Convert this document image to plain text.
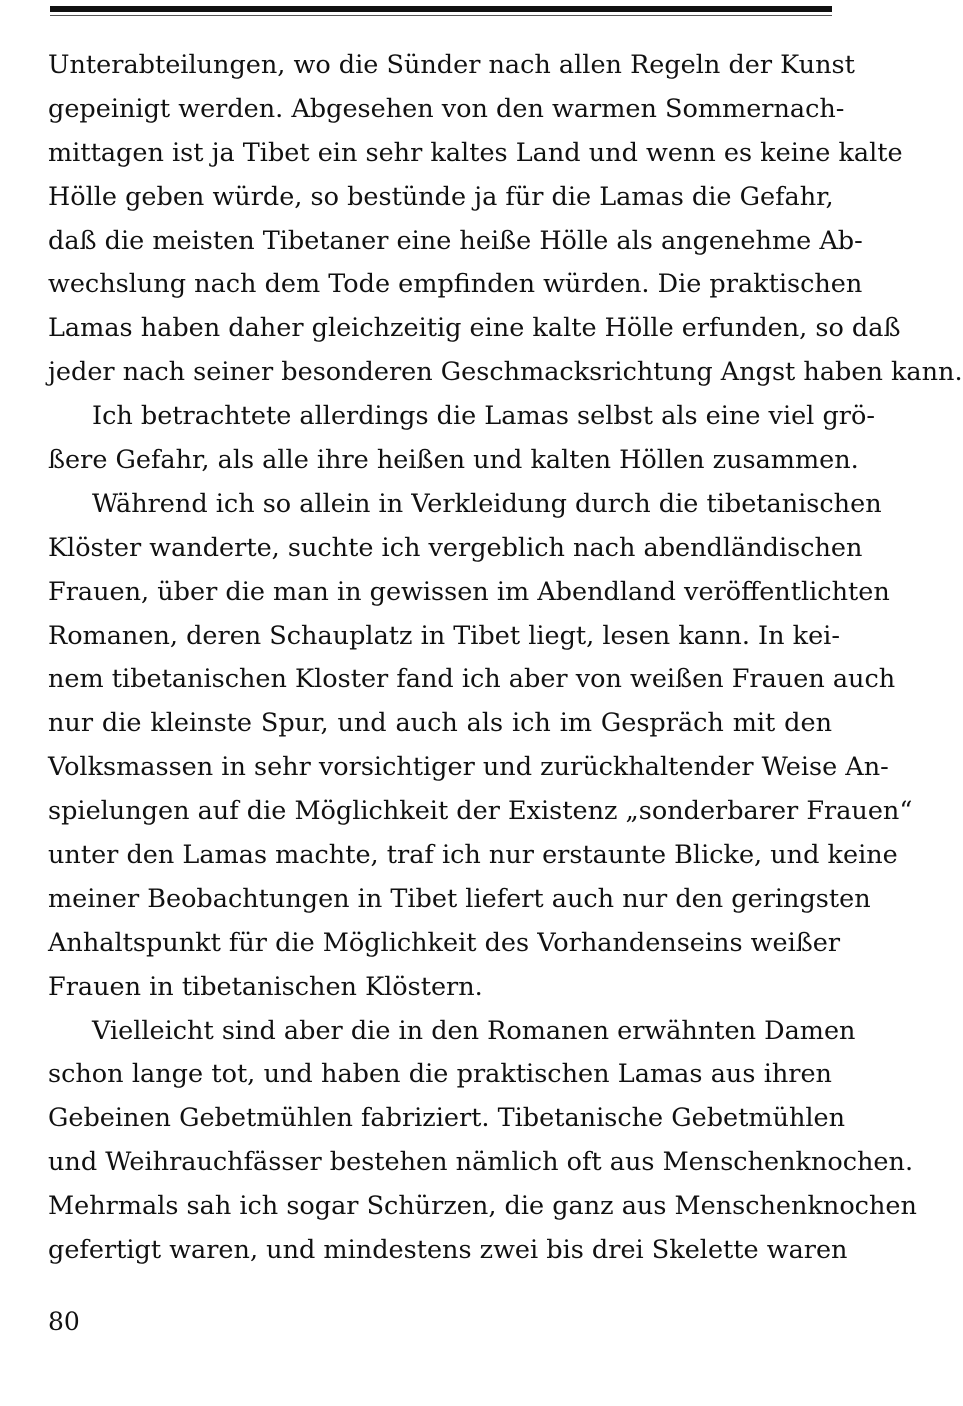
Unterabteilungen, wo die Sünder nach allen Regeln der Kunst
gepeinigt werden. Abgesehen von den warmen Sommernach-
mittagen ist ja Tibet ein sehr kaltes Land und wenn es keine kalte
Hölle geben würde, so bestünde ja für die Lamas die Gefahr,
daß die meisten Tibetaner eine heiße Hölle als angenehme Ab-
wechslung nach dem Tode empfinden würden. Die praktischen
Lamas haben daher gleichzeitig eine kalte Hölle erfunden, so daß
jeder nach seiner besonderen Geschmacksrichtung Angst haben kann.
Ich betrachtete allerdings die Lamas selbst als eine viel grö-
ßere Gefahr, als alle ihre heißen und kalten Höllen zusammen.
Während ich so allein in Verkleidung durch die tibetanischen
Klöster wanderte, suchte ich vergeblich nach abendländischen
Frauen, über die man in gewissen im Abendland veröffentlichten
Romanen, deren Schauplatz in Tibet liegt, lesen kann. In kei-
nem tibetanischen Kloster fand ich aber von weißen Frauen auch
nur die kleinste Spur, und auch als ich im Gespräch mit den
Volksmassen in sehr vorsichtiger und zurückhaltender Weise An-
spielungen auf die Möglichkeit der Existenz „sonderbarer Frauen“
unter den Lamas machte, traf ich nur erstaunte Blicke, und keine
meiner Beobachtungen in Tibet liefert auch nur den geringsten
Anhaltspunkt für die Möglichkeit des Vorhandenseins weißer
Frauen in tibetanischen Klöstern.
Vielleicht sind aber die in den Romanen erwähnten Damen
schon lange tot, und haben die praktischen Lamas aus ihren
Gebeinen Gebetmühlen fabriziert. Tibetanische Gebetmühlen
und Weihrauchfässer bestehen nämlich oft aus Menschenknochen.
Mehrmals sah ich sogar Schürzen, die ganz aus Menschenknochen
gefertigt waren, und mindestens zwei bis drei Skelette waren
80
